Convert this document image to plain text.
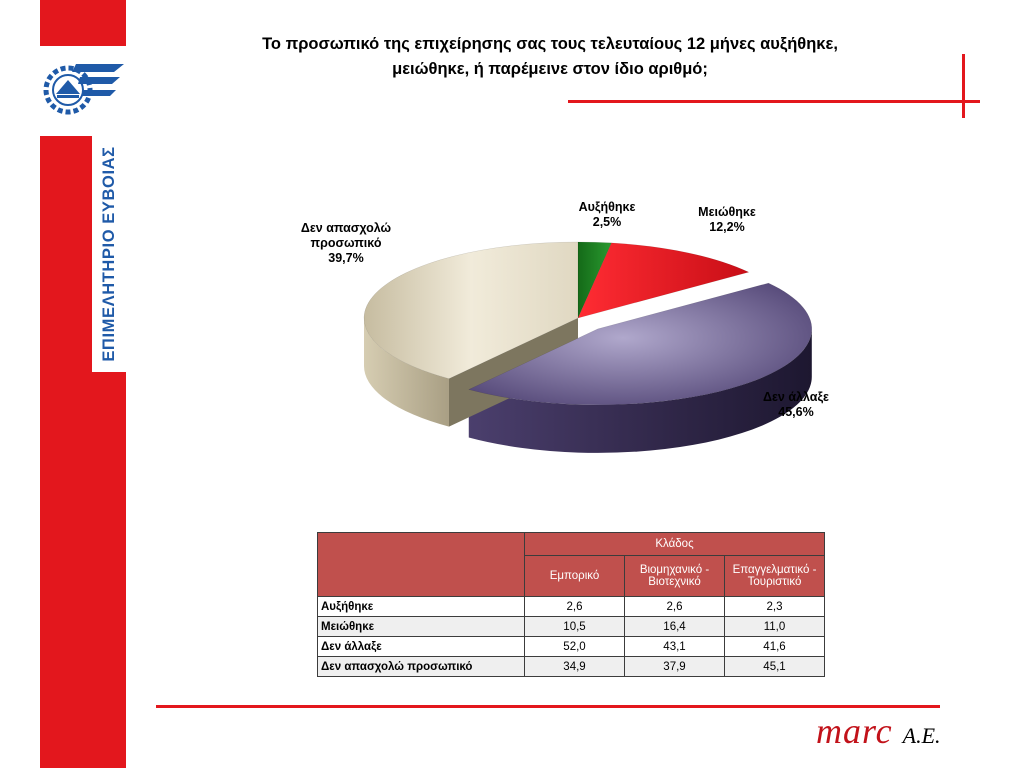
ΕΠΙΜΕΛΗΤΗΡΙΟ ΕΥΒΟΙΑΣ
Το προσωπικό της επιχείρησης σας τους τελευταίους 12 μήνες αυξήθηκε,
μειώθηκε, ή παρέμεινε στον ίδιο αριθμό;
Αυξήθηκε 2,5%
Μειώθηκε 12,2%
Δεν άλλαξε 45,6%
Δεν απασχολώ προσωπικό 39,7%
	Κλάδος		
	Εμπορικό	Βιομηχανικό - Βιοτεχνικό	Επαγγελματικό - Τουριστικό
Αυξήθηκε	2,6	2,6	2,3
Μειώθηκε	10,5	16,4	11,0
Δεν άλλαξε	52,0	43,1	41,6
Δεν απασχολώ προσωπικό	34,9	37,9	45,1
marc A.E.
